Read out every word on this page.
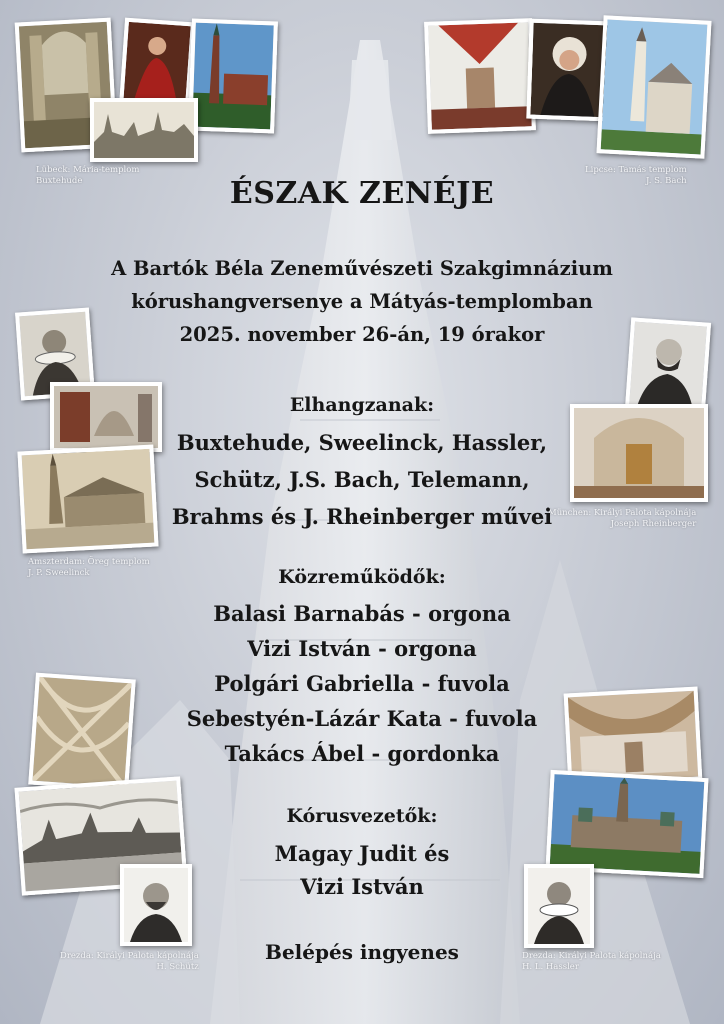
Lübeck: Mária-templom
Buxtehude
Lipcse: Tamás templom
J. S. Bach
Amszterdam: Öreg templom
J. P. Sweelinck
München: Királyi Palota kápolnája
Joseph Rheinberger
Drezda: Királyi Palota kápolnája
H. Schütz
Drezda: Királyi Palota kápolnája
H. L. Hassler
ÉSZAK ZENÉJE
A Bartók Béla Zeneművészeti Szakgimnázium
kórushangversenye a Mátyás-templomban
2025. november 26-án, 19 órakor
Elhangzanak:
Buxtehude, Sweelinck, Hassler,
Schütz, J.S. Bach, Telemann,
Brahms és J. Rheinberger művei
Közreműködők:
Balasi Barnabás - orgona
Vizi István - orgona
Polgári Gabriella - fuvola
Sebestyén-Lázár Kata - fuvola
Takács Ábel - gordonka
Kórusvezetők:
Magay Judit és
Vizi István
Belépés ingyenes
